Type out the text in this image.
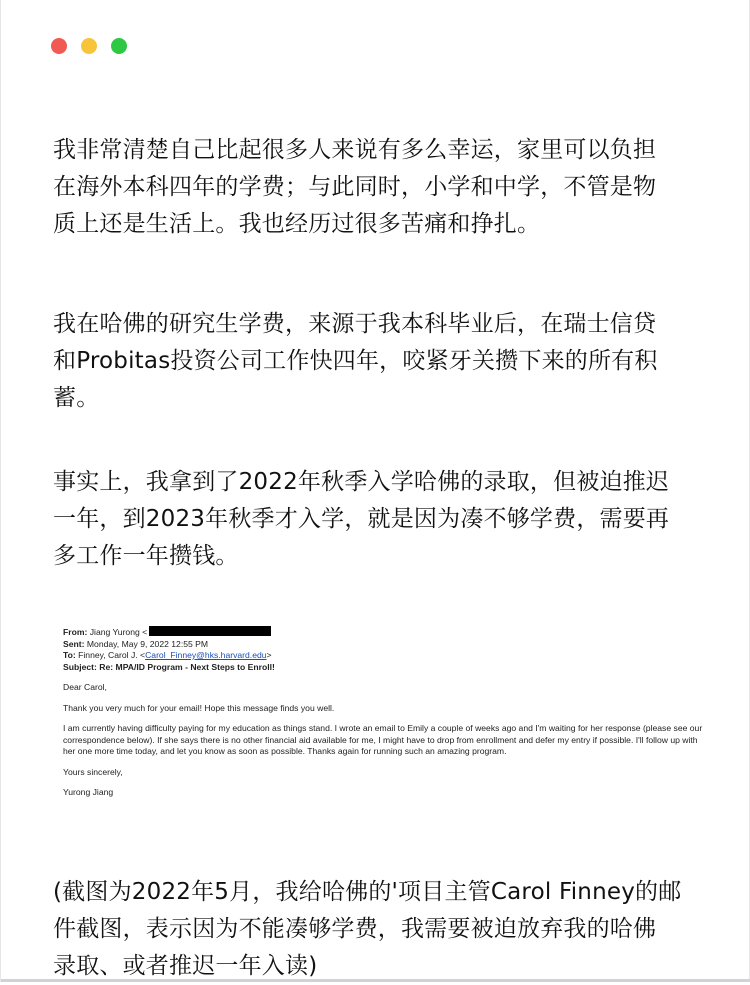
我非常清楚自己比起很多人来说有多么幸运，家里可以负担
在海外本科四年的学费；与此同时，小学和中学，不管是物
质上还是生活上。我也经历过很多苦痛和挣扎。

我在哈佛的研究生学费，来源于我本科毕业后，在瑞士信贷
和Probitas投资公司工作快四年，咬紧牙关攒下来的所有积
蓄。

事实上，我拿到了2022年秋季入学哈佛的录取，但被迫推迟
一年，到2023年秋季才入学，就是因为凑不够学费，需要再
多工作一年攒钱。

From: Jiang Yurong <
Sent: Monday, May 9, 2022 12:55 PM
To: Finney, Carol J. <Carol_Finney@hks.harvard.edu>
Subject: Re: MPA/ID Program - Next Steps to Enroll!
Dear Carol,
Thank you very much for your email! Hope this message finds you well.
I am currently having difficulty paying for my education as things stand. I wrote an email to Emily a couple of weeks ago and I'm waiting for her response (please see our correspondence below). If she says there is no other financial aid available for me, I might have to drop from enrollment and defer my entry if possible. I'll follow up with her one more time today, and let you know as soon as possible. Thanks again for running such an amazing program.
Yours sincerely,
Yurong Jiang

(截图为2022年5月，我给哈佛的'项目主管Carol Finney的邮
件截图，表示因为不能凑够学费，我需要被迫放弃我的哈佛
录取、或者推迟一年入读)
